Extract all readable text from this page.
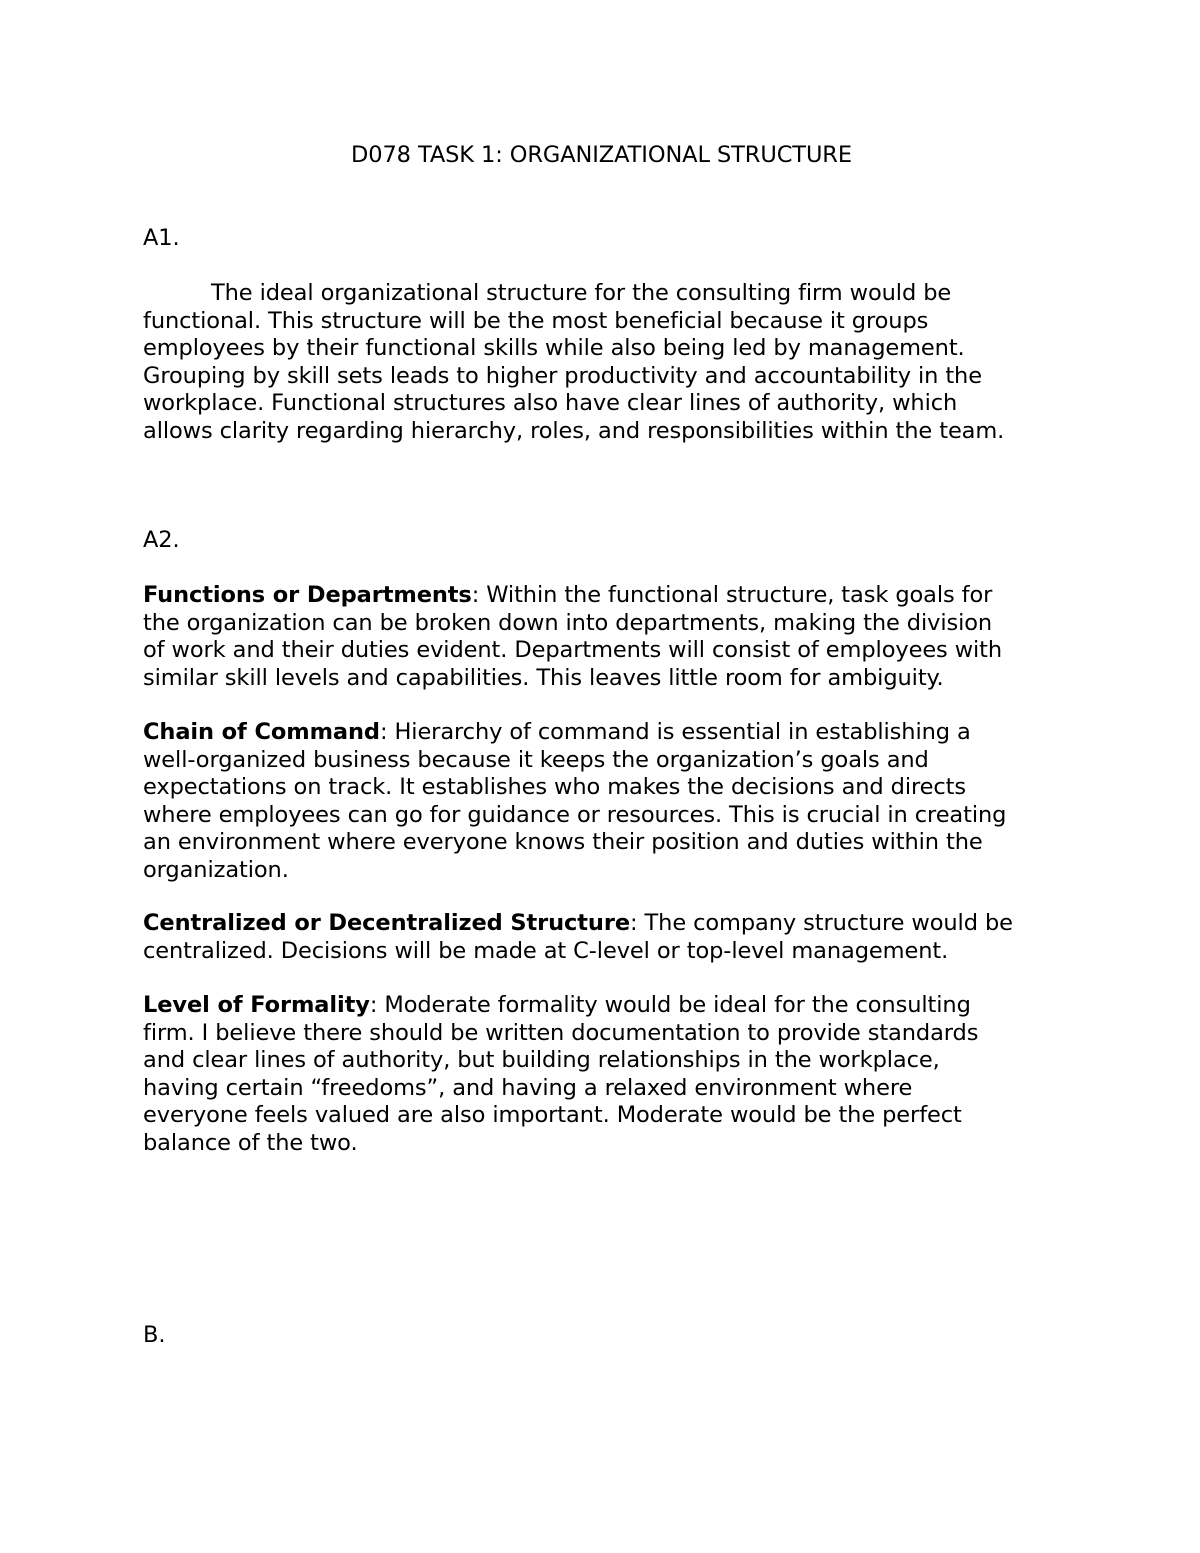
D078 TASK 1: ORGANIZATIONAL STRUCTURE
A1.
The ideal organizational structure for the consulting firm would be
functional. This structure will be the most beneficial because it groups
employees by their functional skills while also being led by management.
Grouping by skill sets leads to higher productivity and accountability in the
workplace. Functional structures also have clear lines of authority, which
allows clarity regarding hierarchy, roles, and responsibilities within the team.
A2.
Functions or Departments: Within the functional structure, task goals for
the organization can be broken down into departments, making the division
of work and their duties evident. Departments will consist of employees with
similar skill levels and capabilities. This leaves little room for ambiguity.
Chain of Command: Hierarchy of command is essential in establishing a
well-organized business because it keeps the organization’s goals and
expectations on track. It establishes who makes the decisions and directs
where employees can go for guidance or resources. This is crucial in creating
an environment where everyone knows their position and duties within the
organization.
Centralized or Decentralized Structure: The company structure would be
centralized. Decisions will be made at C-level or top-level management.
Level of Formality: Moderate formality would be ideal for the consulting
firm. I believe there should be written documentation to provide standards
and clear lines of authority, but building relationships in the workplace,
having certain “freedoms”, and having a relaxed environment where
everyone feels valued are also important. Moderate would be the perfect
balance of the two.
B.
